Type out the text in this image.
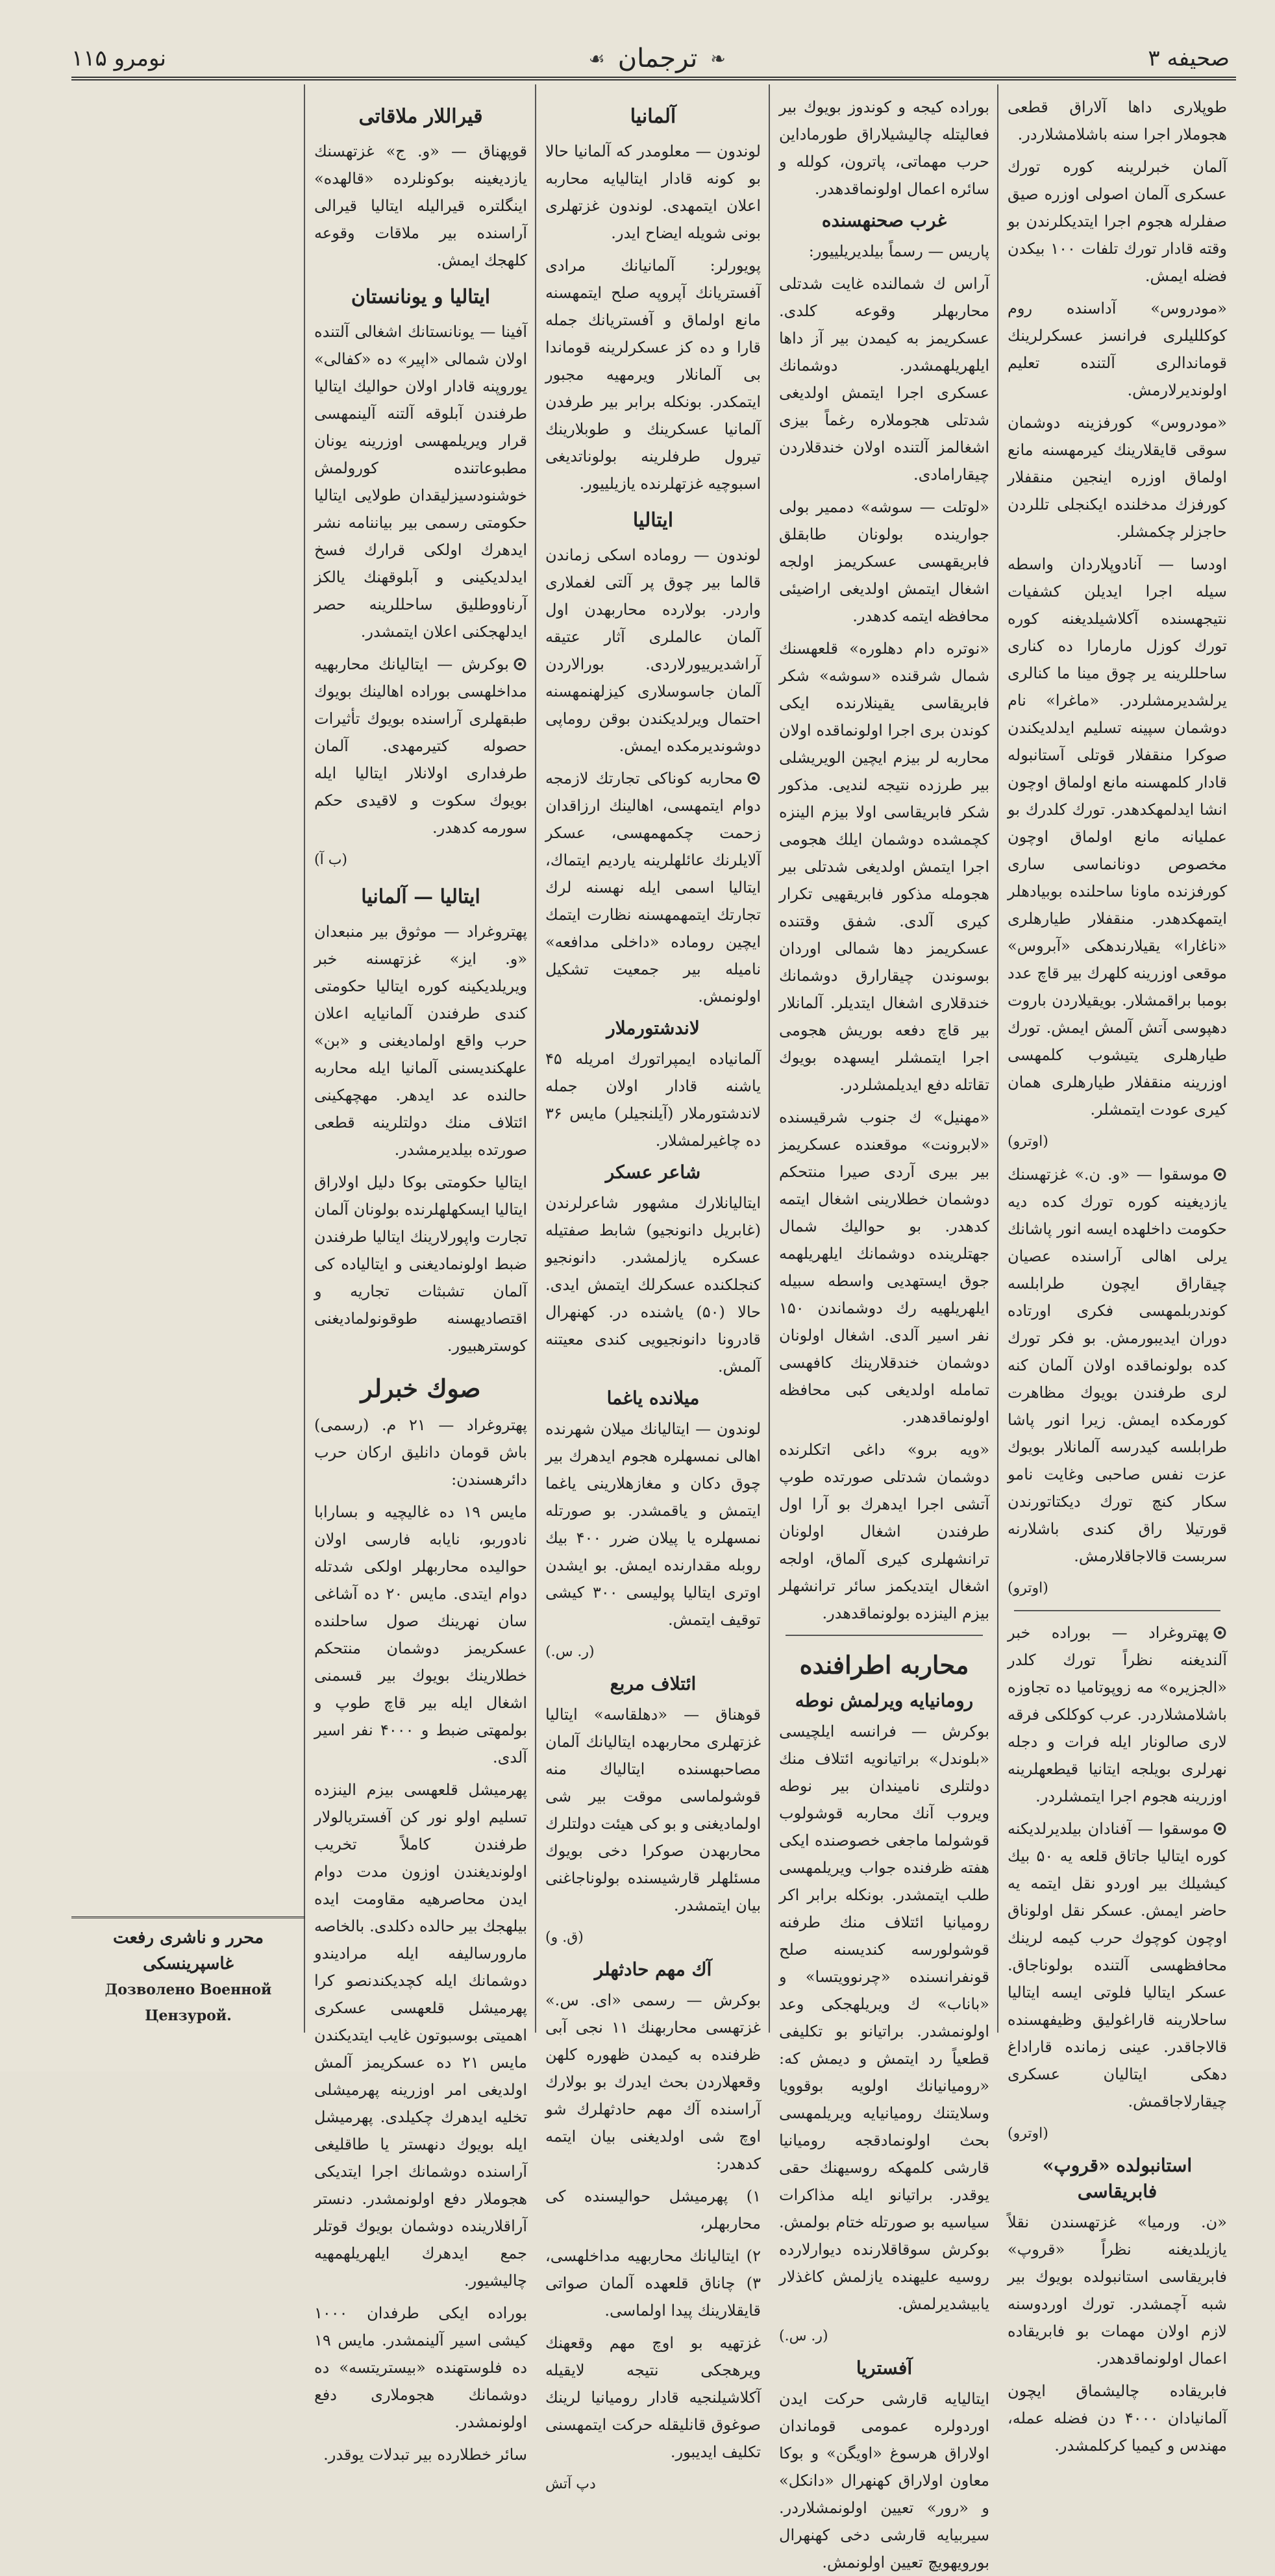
صحيفه ۳
❧
ترجمان
☙
نومرو ۱۱۵

طوپلارى داها آلاراق قطعى هجوملار اجرا سنه باشلامشلاردر.

آلمان خبرلرينه كوره تورك عسكرى آلمان اصولى اوزره صيق صفلرله هجوم اجرا ايتديكلرندن بو وقته قادار تورك تلفات ۱۰۰ بيكدن فضله ايمش.

«مودروس» آداسنده روم كوكلليلرى فرانسز عسكرلرينك قوماندالرى آلتنده تعليم اولونديرلارمش.

«مودروس» كورفزينه دوشمان سوقى قايقلارينك كيرمهسنه مانع اولماق اوزره اينجين منقفلار كورفزك مدخلنده ايكنجلى تللردن حاجزلر چكمشلر.

اودسا — آنادوپلاردان واسطه سيله اجرا ايديلن كشفيات نتيجهسنده آكلاشيلديغنه كوره تورك كوزل مارمارا ده كنارى ساحللرينه ير چوق مينا ما كنالرى يرلشديرمشلردر. «ماغرا» نام دوشمان سپينه تسليم ايدلديكندن صوكرا منقفلار قوتلى آستانبوله قادار كلمهسنه مانع اولماق اوچون انشا ايدلمهكدهدر. تورك كلدرك بو عمليانه مانع اولماق اوچون مخصوص دونانماسى سارى كورفزنده ماونا ساحلنده بوبيادهلر ايتمهكدهدر. منقفلار طيارهلرى «ناغارا» يقيلارندهكى «آبروس» موقعى اوزرينه كلهرك بير قاچ عدد بومبا براقمشلار. بويقيلاردن باروت دهپوسى آتش آلمش ايمش. تورك طيارهلرى يتيشوب كلمهسى اوزرينه منقفلار طيارهلرى همان كيرى عودت ايتمشلر.

(اوترو)

موسقوا — «و. ن.» غزتهسنك يازديغينه كوره تورك كده ديه حكومت داخلهده ايسه انور پاشانك يرلى اهالى آراسنده عصيان چيقاراق ايچون طرابلسه كوندربلمهسى فكرى اورتاده دوران ايديبورمش. بو فكر تورك كده بولونماقده اولان آلمان كنه لرى طرفندن بويوك مظاهرت كورمكده ايمش. زيرا انور پاشا طرابلسه كيدرسه آلمانلار بويوك عزت نفس صاحبى وغايت نامو سكار كنچ تورك ديكتاتورندن قورتيلا راق كندى باشلارنه سربست قالاجاقلارمش.

(اوترو)

پهتروغراد — بوراده خبر آلنديغنه نظراً تورك كلدر «الجزيره» مه زوپوتاميا ده تجاوزه باشلامشلاردر. عرب كوكلكى فرقه لارى صالونار ايله فرات و دجله نهرلرى بويلجه ايتانيا قيطعهلرينه اوزرينه هجوم اجرا ايتمشلردر.

موسقوا — آفنادان بيلديرلديكنه كوره ايتاليا جاتاق قلعه يه ۵۰ بيك كيشيلك بير اوردو نقل ايتمه يه حاضر ايمش. عسكر نقل اولوناق اوچون كوچوك حرب كيمه لرينك محافظهسى آلتنده بولوناجاق. عسكر ايتاليا فلوتى ايسه ايتاليا ساحلارينه قاراغوليق وظيفهسنده قالاجاقدر. عينى زمانده قاراداغ دهكى ايتاليان عسكرى چيقارلاجاقمش.

(اوترو)
استانبولده «قروپ» فابريقاسى

«ن. ورميا» غزتهسندن نقلاً يازيلديغنه نظراً «قروپ» فابريقاسى استانبولده بويوك بير شبه آچمشدر. تورك اوردوسنه لازم اولان مهمات بو فابريقاده اعمال اولونماقدهدر.

فابريقاده چاليشماق ايچون آلمانيادان ۴۰۰۰ دن فضله عمله، مهندس و كيميا كركلمشدر.

بوراده كيجه و كوندوز بويوك بير فعاليتله چاليشيلاراق طورماداين حرب مهماتى، پاترون، كولله و سائره اعمال اولونماقدهدر.

غرب صحنهسنده

پاريس — رسماً بيلديريلييور:

آراس ك شمالنده غايت شدتلى محاربهلر وقوعه كلدى. عسكريمز به كيمدن بير آز داها ايلهريلهمشدر. دوشمانك عسكرى اجرا ايتمش اولديغى شدتلى هجوملاره رغماً بيزى اشغالمز آلتنده اولان خندقلاردن چيقارامادى.

«لوتلت — سوشه» دممير بولى جوارينده بولونان طابقلق فابريقهسى عسكريمز اولجه اشغال ايتمش اولديغى اراضيئى محافظه ايتمه كدهدر.

«نوتره دام دهلوره» قلعهسنك شمال شرقنده «سوشه» شكر فابريقاسى يقينلارنده ايكى كوندن برى اجرا اولونماقده اولان محاربه لر بيزم ايچين الويريشلى بير طرزده نتيجه لنديى. مذكور شكر فابريقاسى اولا بيزم الينزه كچمشده دوشمان ايلك هجومى اجرا ايتمش اولديغى شدتلى بير هجومله مذكور فابريقهيى تكرار كيرى آلدى. شفق وقتنده عسكريمز دها شمالى اوردان بوسوندن چيقارارق دوشمانك خندقلارى اشغال ايتديلر. آلمانلار بير قاچ دفعه بوريش هجومى اجرا ايتمشلر ايسهده بويوك تقاتله دفع ايديلمشلردر.

«مهنيل» ك جنوب شرقيسنده «لابرونت» موقعنده عسكريمز بير بيرى آردى صيرا منتحكم دوشمان خطلارينى اشغال ايتمه كدهدر. بو حواليك شمال جهتلرينده دوشمانك ايلهريلهمه جوق ايستهديى واسطه سبيله ايلهريلهيه رك دوشماندن ۱۵۰ نفر اسير آلدى. اشغال اولونان دوشمان خندقلارينك كافهسى تمامله اولديغى كبى محافظه اولونماقدهدر.

«ويه برو» داغى اتكلرنده دوشمان شدتلى صورتده طوپ آتشى اجرا ايدهرك بو آرا اول طرفندن اشغال اولونان ترانشهلرى كيرى آلماق، اولجه اشغال ايتديكمز سائر ترانشهلر بيزم الينزده بولونماقدهدر.

محاربه اطرافنده
رومانيايه ويرلمش نوطه

بوكرش — فرانسه ايلچيسى «بلوندل» براتيانويه ائتلاف منك دولتلرى ناميندان بير نوطه ويروب آنك محاربه قوشولوب قوشولما ماجغى خصوصنده ايكى هفته ظرفنده جواب ويريلمهسى طلب ايتمشدر. بونكله برابر اكر روميانيا ائتلاف منك طرفنه قوشولورسه كنديسنه صلح قونفرانسنده «چرنوويتسا» و «باناب» ك ويريلهجكى وعد اولونمشدر. براتيانو بو تكليفى قطعياً رد ايتمش و ديمش كه: «روميانيانك اولويه بوقوويا وسلايتنك روميانيايه ويريلمهسى بحث اولونمادقجه روميانيا قارشى كلمهكه روسيهنك حقى يوقدر. براتيانو ايله مذاكرات سياسيه بو صورتله ختام بولمش. بوكرش سوقاقلارنده ديوارلارده روسيه عليهنده يازلمش كاغذلار يابيشديرلمش.

(ر. س.)
آفستريا

ايتاليايه قارشى حركت ايدن اوردولره عمومى قوماندان اولاراق هرسوغ «اويگن» و بوكا معاون اولاراق كهنهرال «دانكل» و «رور» تعيين اولونمشلاردر. سيربيايه قارشى دخى كهنهرال بورويهويچ تعيين اولونمش.

آلمانيا

لوندون — معلومدر كه آلمانيا حالا بو كونه قادار ايتاليايه محاربه اعلان ايتمهدى. لوندون غزتهلرى بونى شويله ايضاح ايدر.

پويورلر: آلمانيانك مرادى آفستريانك آپروپه صلح ايتمهسنه مانع اولماق و آفستريانك جمله قارا و ده كز عسكرلرينه قوماندا بى آلمانلار ويرمهيه مجبور ايتمكدر. بونكله برابر بير طرفدن آلمانيا عسكرينك و طوبلارينك تيرول طرفلرينه بولوناتديغى اسبوچيه غزتهلرنده يازيلييور.

ايتاليا

لوندون — روماده اسكى زماندن قالما بير چوق پر آلتى لغملارى واردر. بولارده محاربهدن اول آلمان عالملرى آثار عتيقه آراشديرييورلاردى. بورالاردن آلمان جاسوسلارى كيزلهنمهسنه احتمال ويرلديكندن بوقن روماپى دوشونديرمكده ايمش.

محاربه كوناكى تجارتك لازمجه دوام ايتمهسى، اهالينك ارزاقدان زحمت چكمهمهسى، عسكر آلايلرنك عائلهلرينه يارديم ايتماك، ايتاليا اسمى ايله نهسنه لرك تجارتك ايتمهمهسنه نظارت ايتمك ايچين روماده «داخلى مدافعه» ناميله بير جمعيت تشكيل اولونمش.

لاندشتورملار

آلمانياده ايمپراتورك امريله ۴۵ ياشنه قادار اولان جمله لاندشتورملار (آيلنجيلر) مايس ۳۶ ده چاغيرلمشلار.

شاعر عسكر

ايتاليانلارك مشهور شاعرلرندن (غابريل دانونجيو) شابط صفتيله عسكره يازلمشدر. دانونجيو كنجلكنده عسكرلك ايتمش ايدى. حالا (۵۰) ياشنده در. كهنهرال قادرونا دانونجيويى كندى معيتنه آلمش.

ميلانده ياغما

لوندون — ايتاليانك ميلان شهرنده اهالى نمسهلره هجوم ايدهرك بير چوق دكان و مغازهلارينى ياغما ايتمش و ياقمشدر. بو صورتله نمسهلره يا پيلان ضرر ۴۰۰ بيك روبله مقدارنده ايمش. بو ايشدن اوترى ايتاليا پوليسى ۳۰۰ كيشى توقيف ايتمش.

(ر. س.)
ائتلاف مربع

قوهناق — «دهلقاسه» ايتاليا غزتهلرى محاربهده ايتاليانك آلمان مصاحبهسنده ايتالياك منه قوشولماسى موقت بير شى اولماديغنى و بو كى هيئت دولتلرك محاربهدن صوكرا دخى بويوك مسئلهلر قارشيسنده بولوناجاغنى بيان ايتمشدر.

(ق. و)
آك مهم حادثهلر

بوكرش — رسمى «اى. س.» غزتهسى محاربهنك ۱۱ نجى آبى ظرفنده به كيمدن ظهوره كلهن وقعهلاردن بحث ايدرك بو بولارك آراسنده آك مهم حادثهلرك شو اوچ شى اولديغنى بيان ايتمه كدهدر:

۱) پهرميشل حواليسنده كى محاربهلر،

۲) ايتاليانك محاربهيه مداخلهسى، ۳) چاناق قلعهده آلمان صواتى قايقلارينك پيدا اولماسى.

غزتهيه بو اوچ مهم وقعهنك ويرهجكى نتيجه لايقيله آكلاشيلنجيه قادار روميانيا لرينك صوغوق قانليقله حركت ايتمهسنى تكليف ايديبور.

دپ آتش
قيراللار ملاقاتى

قوپهناق — «و. ج» غزتهسنك يازديغينه بوكونلرده «قالهده» اينگلتره قيراليله ايتاليا قيرالى آراسنده بير ملاقات وقوعه كلهجك ايمش.

ايتاليا و يونانستان

آفينا — يونانستانك اشغالى آلتنده اولان شمالى «اپير» ده «كفالى» يوروپنه قادار اولان حواليك ايتاليا طرفندن آبلوقه آلتنه آلينمهسى قرار ويريلمهسى اوزرينه يونان مطبوعاتنده كورولمش خوشنودسيزليقدان طولايى ايتاليا حكومتى رسمى بير بياننامه نشر ايدهرك اولكى قرارك فسخ ايدلديكينى و آبلوقهنك يالكز آرناووطليق ساحللرينه حصر ايدلهجكنى اعلان ايتمشدر.

بوكرش — ايتاليانك محاربهيه مداخلهسى بوراده اهالينك بويوك طبقهلرى آراسنده بويوك تأثيرات حصوله كتيرمهدى. آلمان طرفدارى اولانلار ايتاليا ايله بويوك سكوت و لاقيدى حكم سورمه كدهدر.

(ب آ)
ايتاليا — آلمانيا

پهتروغراد — موثوق بير منبعدان «و. ايز» غزتهسنه خبر ويريلديكينه كوره ايتاليا حكومتى كندى طرفندن آلمانيايه اعلان حرب واقع اولماديغنى و «بن» علهكنديسنى آلمانيا ايله محاربه حالنده عد ايدهر. مهچهكينى ائتلاف منك دولتلرينه قطعى صورتده بيلديرمشدر.

ايتاليا حكومتى بوكا دليل اولاراق ايتاليا ايسكهلهلرنده بولونان آلمان تجارت واپورلارينك ايتاليا طرفندن ضبط اولونماديغنى و ايتالياده كى آلمان تشبثات تجاريه و اقتصاديهسنه طوقونولماديغنى كوسترهبيور.

صوك خبرلر

پهتروغراد — ۲۱ م. (رسمى) باش قومان دانليق اركان حرب دائرهسندن:

مايس ۱۹ ده غاليچيه و بسارابا نادوربو، نايابه فارسى اولان حواليده محاربهلر اولكى شدتله دوام ايتدى. مايس ۲۰ ده آشاغى سان نهرينك صول ساحلنده عسكريمز دوشمان منتحكم خطلارينك بويوك بير قسمنى اشغال ايله بير قاچ طوپ و بولمهتى ضبط و ۴۰۰۰ نفر اسير آلدى.

پهرميشل قلعهسى بيزم الينزده تسليم اولو نور كن آفستريالولار طرفندن كاملاً تخريب اولونديغندن اوزون مدت دوام ايدن محاصرهيه مقاومت ايده بيلهجك بير حالده دكلدى. بالخاصه مارورساليفه ايله مراديندو دوشمانك ايله كچديكندنصو كرا پهرميشل قلعهسى عسكرى اهميتى بوسبوتون غايب ايتديكندن مايس ۲۱ ده عسكريمز آلمش اولديغى امر اوزرينه پهرميشلى تخليه ايدهرك چكيلدى. پهرميشل ايله بويوك دنهستر يا طاقليغى آراسنده دوشمانك اجرا ايتديكى هجوملار دفع اولونمشدر. دنستر آراقلارينده دوشمان بويوك قوتلر جمع ايدهرك ايلهريلهمهيه چاليشيور.

بوراده ايكى طرفدان ۱۰۰۰ كيشى اسير آلينمشدر. مايس ۱۹ ده فلوستهنده «بيستريتسه» ده دوشمانك هجوملارى دفع اولونمشدر.

سائر خطلارده بير تبدلات يوقدر.

محرر و ناشرى رفعت غاسپرينسكى
Дозволено Военной Цензурой.
